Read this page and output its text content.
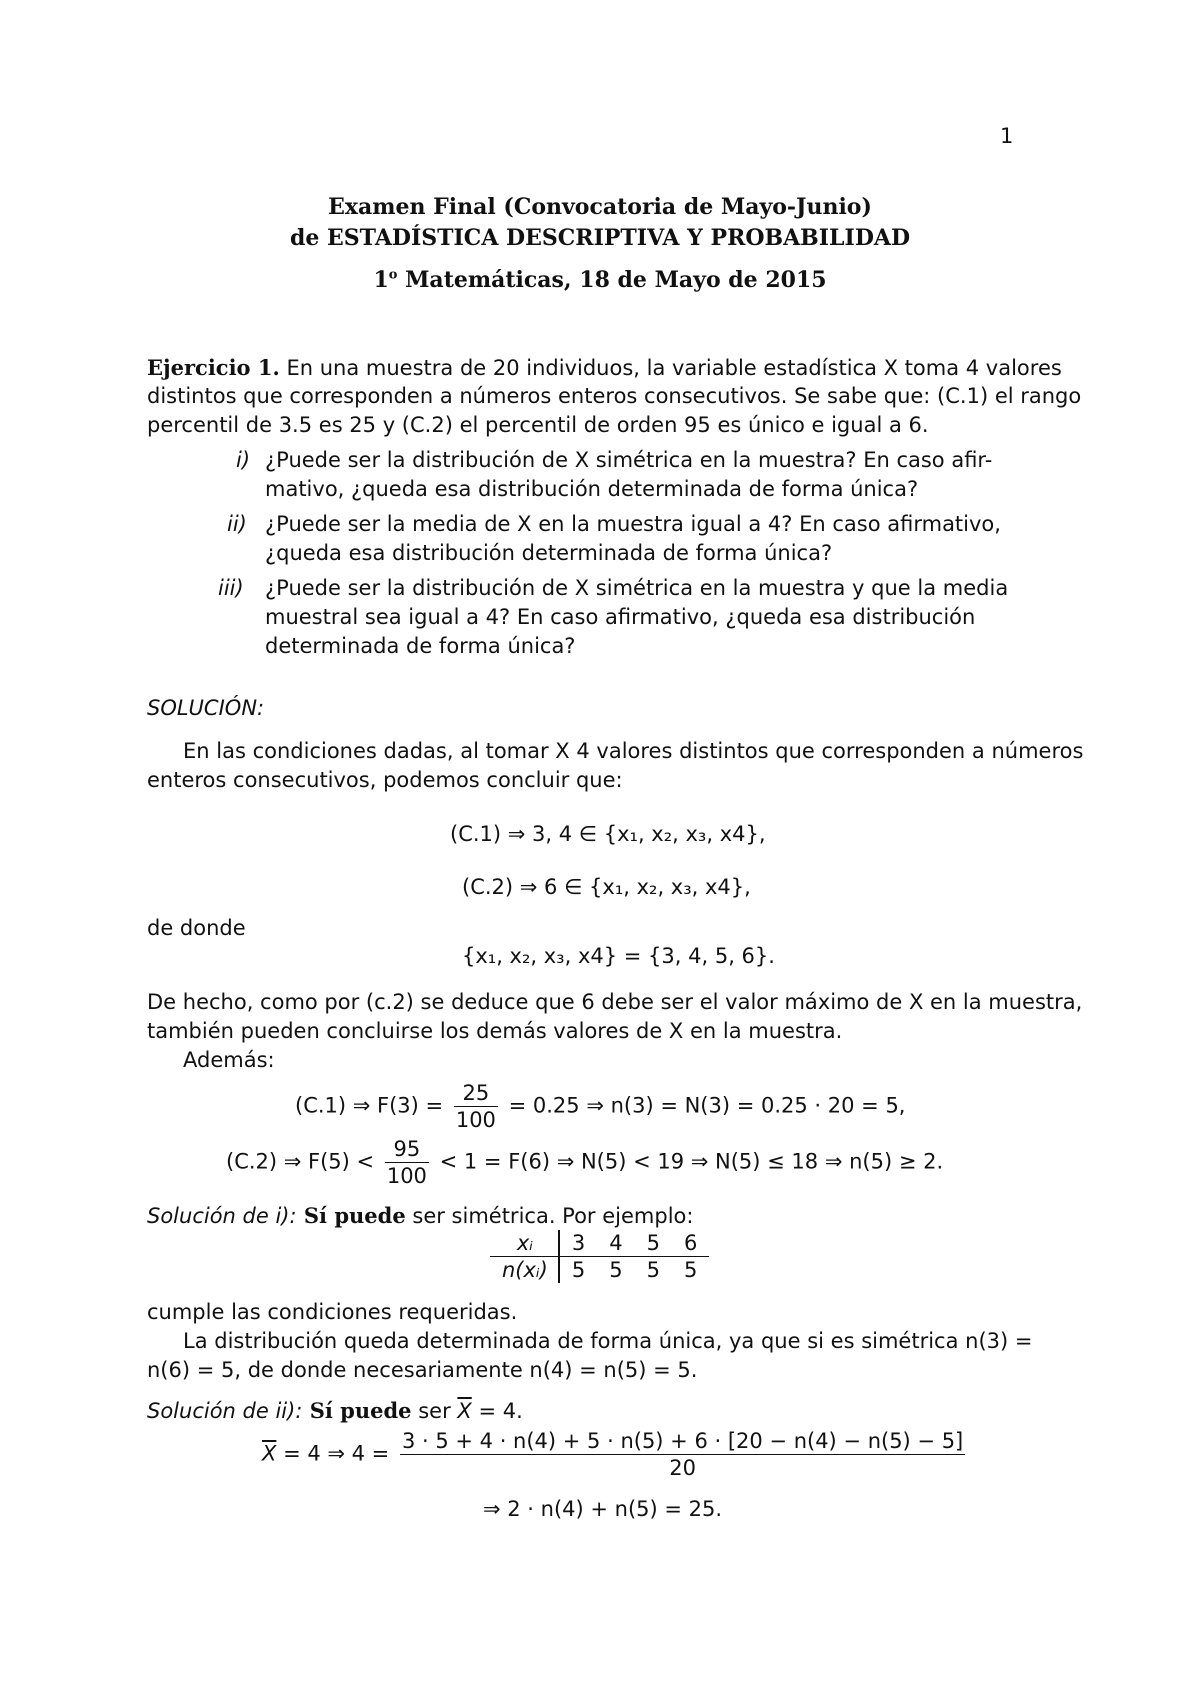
1
Examen Final (Convocatoria de Mayo-Junio)
de ESTADÍSTICA DESCRIPTIVA Y PROBABILIDAD
1$^o$ Matemáticas, 18 de Mayo de 2015
Ejercicio 1. En una muestra de 20 individuos, la variable estadística X toma 4 valores
distintos que corresponden a números enteros consecutivos. Se sabe que: (C.1) el rango
percentil de 3.5 es 25 y (C.2) el percentil de orden 95 es único e igual a 6.
i) ¿Puede ser la distribución de X simétrica en la muestra? En caso afir-
mativo, ¿queda esa distribución determinada de forma única?
ii) ¿Puede ser la media de X en la muestra igual a 4? En caso afirmativo,
¿queda esa distribución determinada de forma única?
iii) ¿Puede ser la distribución de X simétrica en la muestra y que la media
muestral sea igual a 4? En caso afirmativo, ¿queda esa distribución
determinada de forma única?
SOLUCIÓN:
En las condiciones dadas, al tomar X 4 valores distintos que corresponden a números
enteros consecutivos, podemos concluir que:
(C.1) ⇒ 3, 4 ∈ {x₁, x₂, x₃, x4},
(C.2) ⇒ 6 ∈ {x₁, x₂, x₃, x4},
de donde
{x₁, x₂, x₃, x4} = {3, 4, 5, 6}.
De hecho, como por (c.2) se deduce que 6 debe ser el valor máximo de X en la muestra,
también pueden concluirse los demás valores de X en la muestra.
Además:
(C.1) ⇒ $F(3) = \frac{25}{100} = 0.25$ ⇒ n(3) = N(3) = 0.25 · 20 = 5,
(C.2) ⇒ $F(5) < \frac{95}{100} < 1 = F(6)$ ⇒ N(5) < 19 ⇒ N(5) ≤ 18 ⇒ n(5) ≥ 2.
Solución de i): Sí puede ser simétrica. Por ejemplo:
xᵢ	3	4	5	6
n(xᵢ)	5	5	5	5
cumple las condiciones requeridas.
La distribución queda determinada de forma única, ya que si es simétrica n(3) =
n(6) = 5, de donde necesariamente n(4) = n(5) = 5.
Solución de ii): Sí puede ser $\overline{X} = 4$.
$\overline{X} = 4$ ⇒ $4 = \frac{3 \cdot 5 + 4 \cdot n(4) + 5 \cdot n(5) + 6 \cdot [20 - n(4) - n(5) - 5]}{20}$
⇒ 2 · n(4) + n(5) = 25.
